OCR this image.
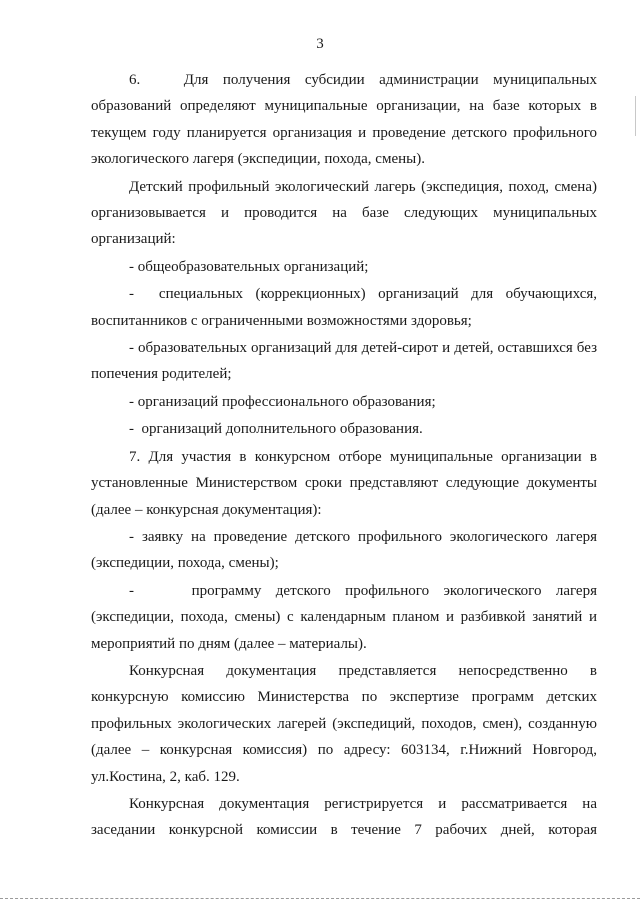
3

6.   Для получения субсидии администрации муниципальных образований определяют муниципальные организации, на базе которых в текущем году планируется организация и проведение детского профильного экологического лагеря (экспедиции, похода, смены).

Детский профильный экологический лагерь (экспедиция, поход, смена) организовывается и проводится на базе следующих муниципальных организаций:

- общеобразовательных организаций;

-  специальных (коррекционных) организаций для обучающихся, воспитанников с ограниченными возможностями здоровья;

- образовательных организаций для детей-сирот и детей, оставшихся без попечения родителей;

- организаций профессионального образования;

-  организаций дополнительного образования.

7. Для участия в конкурсном отборе муниципальные организации в установленные Министерством сроки представляют следующие документы (далее – конкурсная документация):

- заявку на проведение детского профильного экологического лагеря (экспедиции, похода, смены);

-    программу детского профильного экологического лагеря (экспедиции, похода, смены) с календарным планом и разбивкой занятий и мероприятий по дням (далее – материалы).

Конкурсная документация представляется непосредственно в конкурсную комиссию Министерства по экспертизе программ детских профильных экологических лагерей (экспедиций, походов, смен), созданную (далее – конкурсная комиссия) по адресу: 603134, г.Нижний Новгород, ул.Костина, 2, каб. 129.

Конкурсная документация регистрируется и рассматривается на заседании конкурсной комиссии в течение 7 рабочих дней, которая
